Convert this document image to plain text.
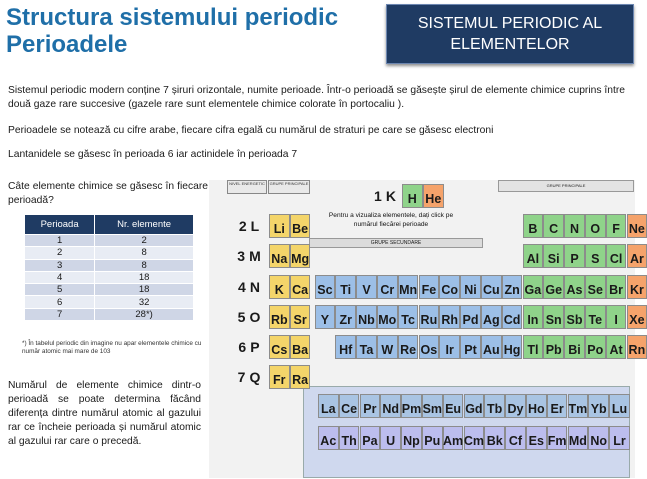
Structura sistemului periodic
Perioadele
SISTEMUL PERIODIC AL ELEMENTELOR
Sistemul periodic modern conține 7 șiruri orizontale, numite perioade. Într-o perioadă se găsește șirul de elemente chimice cuprins între două gaze rare succesive (gazele rare sunt elementele chimice colorate în portocaliu ).
Perioadele se notează cu cifre arabe, fiecare cifra egală cu numărul de straturi pe care se găsesc electroni
Lantanidele se găsesc în perioada 6 iar actinidele în perioada 7
Câte elemente chimice se găsesc în fiecare perioadă?
Perioada	Nr. elemente
1	2
2	8
3	8
4	18
5	18
6	32
7	28*)
*) În tabelul periodic din imagine nu apar elementele chimice cu număr atomic mai mare de 103
Numărul de elemente chimice dintr-o perioadă se poate determina făcând diferența dintre numărul atomic al gazului rar ce încheie perioada și numărul atomic al gazului rar care o precedă.
NIVEL ENERGETIC	GRUPE PRINCIPALE	GRUPE PRINCIPALE
Pentru a vizualiza elementele, dați click pe numărul fiecărei perioade
GRUPE SECUNDARE
1 K
2 L
3 M
4 N
5 O
6 P
7 Q
H He
Li Be	B C N O F Ne
Na Mg	Al Si P S Cl Ar
K Ca Sc Ti V Cr Mn Fe Co Ni Cu Zn Ga Ge As Se Br Kr
Rb Sr	Y Zr Nb Mo Tc Ru Rh Pd Ag Cd In Sn Sb Te I Xe
Cs Ba Hf Ta W Re Os Ir Pt Au Hg Tl Pb Bi Po At Rn
Fr Ra
La Ce Pr Nd Pm Sm Eu Gd Tb Dy Ho Er Tm Yb Lu
Ac Th Pa U Np Pu Am Cm Bk Cf Es Fm Md No Lr
